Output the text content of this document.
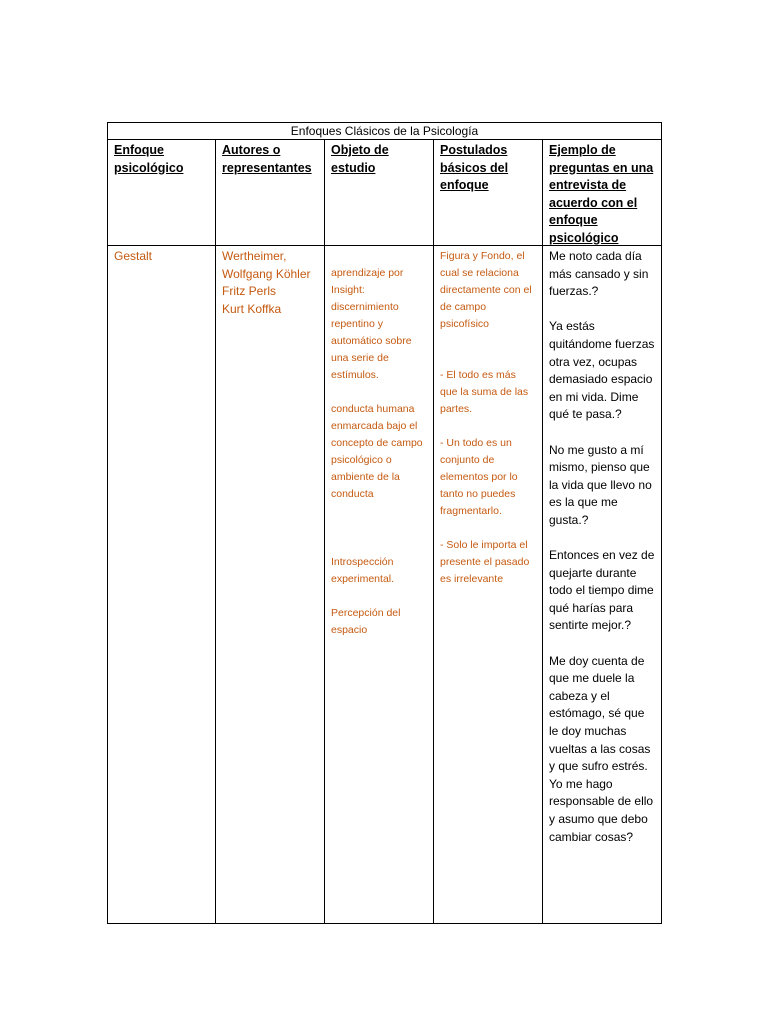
Enfoques Clásicos de la Psicología
Enfoque psicológico
Autores o representantes
Objeto de estudio
Postulados básicos del enfoque
Ejemplo de preguntas en una entrevista de acuerdo con el enfoque psicológico
Gestalt	Wertheimer,
Wolfgang Köhler
Fritz Perls
Kurt Koffka

aprendizaje por Insight: discernimiento repentino y automático sobre una serie de estímulos.

conducta humana enmarcada bajo el concepto de campo psicológico o ambiente de la conducta

Introspección experimental.

Percepción del espacio

Figura y Fondo, el cual se relaciona directamente con el de campo psicofísico

- El todo es más que la suma de las partes.

- Un todo es un conjunto de elementos por lo tanto no puedes fragmentarlo.

- Solo le importa el presente el pasado es irrelevante

Me noto cada día más cansado y sin fuerzas.?

Ya estás quitándome fuerzas otra vez, ocupas demasiado espacio en mi vida. Dime qué te pasa.?

No me gusto a mí mismo, pienso que la vida que llevo no es la que me gusta.?

Entonces en vez de quejarte durante todo el tiempo dime qué harías para sentirte mejor.?

Me doy cuenta de que me duele la cabeza y el estómago, sé que le doy muchas vueltas a las cosas y que sufro estrés.

Yo me hago responsable de ello y asumo que debo cambiar cosas?
